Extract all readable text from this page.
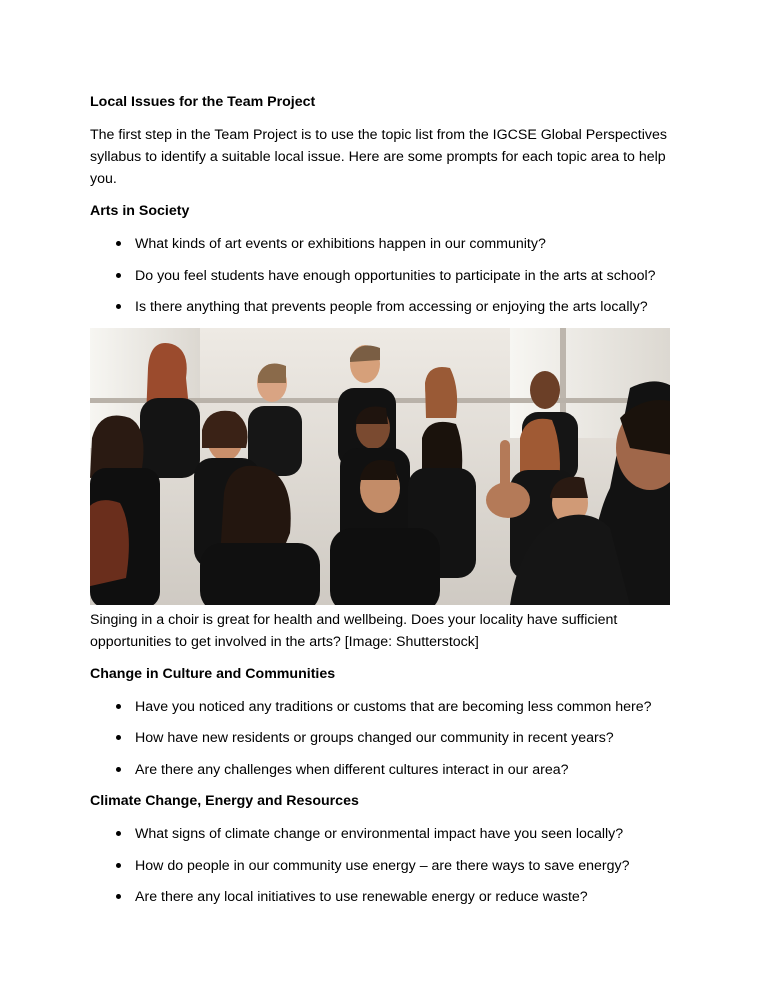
Local Issues for the Team Project

The first step in the Team Project is to use the topic list from the IGCSE Global Perspectives syllabus to identify a suitable local issue. Here are some prompts for each topic area to help you.

Arts in Society

What kinds of art events or exhibitions happen in our community?
Do you feel students have enough opportunities to participate in the arts at school?
Is there anything that prevents people from accessing or enjoying the arts locally?

Singing in a choir is great for health and wellbeing. Does your locality have sufficient opportunities to get involved in the arts? [Image: Shutterstock]

Change in Culture and Communities

Have you noticed any traditions or customs that are becoming less common here?
How have new residents or groups changed our community in recent years?
Are there any challenges when different cultures interact in our area?

Climate Change, Energy and Resources

What signs of climate change or environmental impact have you seen locally?
How do people in our community use energy – are there ways to save energy?
Are there any local initiatives to use renewable energy or reduce waste?
